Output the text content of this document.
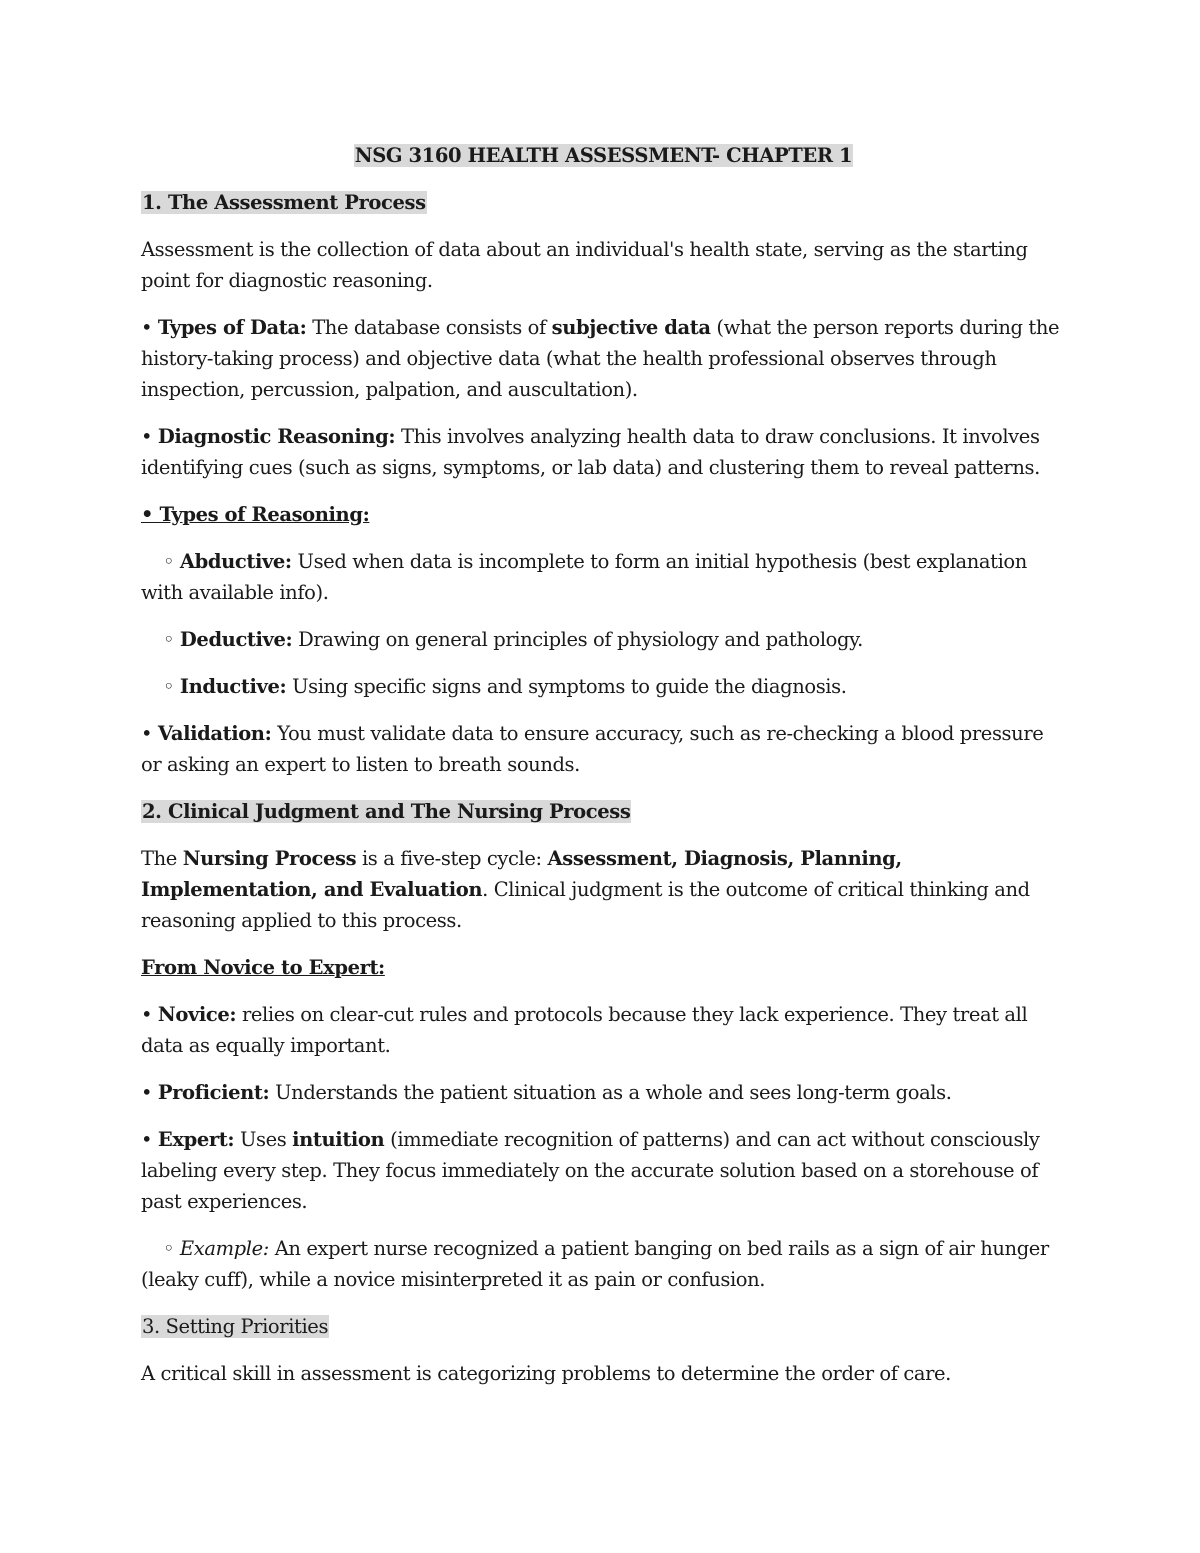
NSG 3160 HEALTH ASSESSMENT- CHAPTER 1

1. The Assessment Process

Assessment is the collection of data about an individual's health state, serving as the starting point for diagnostic reasoning.

• Types of Data: The database consists of subjective data (what the person reports during the history-taking process) and objective data (what the health professional observes through inspection, percussion, palpation, and auscultation).

• Diagnostic Reasoning: This involves analyzing health data to draw conclusions. It involves identifying cues (such as signs, symptoms, or lab data) and clustering them to reveal patterns.

• Types of Reasoning:

◦ Abductive: Used when data is incomplete to form an initial hypothesis (best explanation with available info).

◦ Deductive: Drawing on general principles of physiology and pathology.

◦ Inductive: Using specific signs and symptoms to guide the diagnosis.

• Validation: You must validate data to ensure accuracy, such as re-checking a blood pressure or asking an expert to listen to breath sounds.

2. Clinical Judgment and The Nursing Process

The Nursing Process is a five-step cycle: Assessment, Diagnosis, Planning, Implementation, and Evaluation. Clinical judgment is the outcome of critical thinking and reasoning applied to this process.

From Novice to Expert:

• Novice: relies on clear-cut rules and protocols because they lack experience. They treat all data as equally important.

• Proficient: Understands the patient situation as a whole and sees long-term goals.

• Expert: Uses intuition (immediate recognition of patterns) and can act without consciously labeling every step. They focus immediately on the accurate solution based on a storehouse of past experiences.

◦ Example: An expert nurse recognized a patient banging on bed rails as a sign of air hunger (leaky cuff), while a novice misinterpreted it as pain or confusion.

3. Setting Priorities

A critical skill in assessment is categorizing problems to determine the order of care.
